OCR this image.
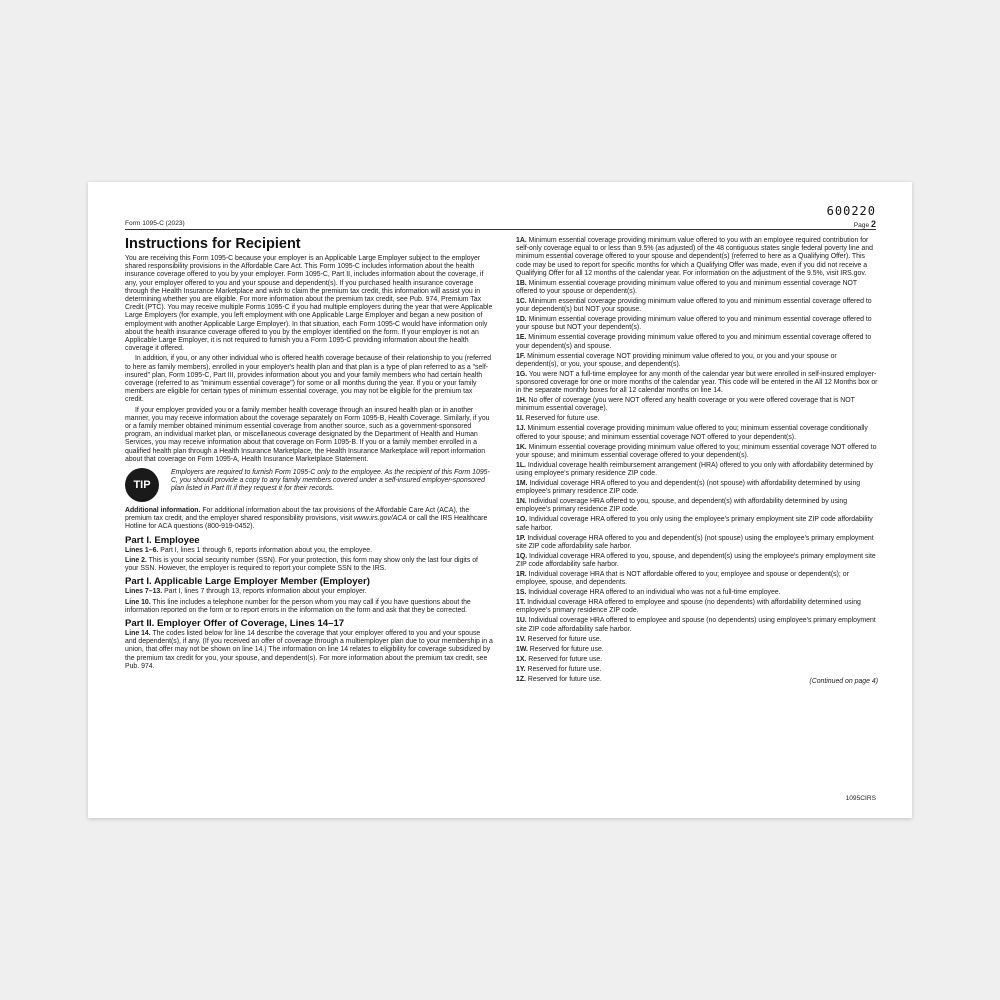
Form 1095-C (2023)
600220
Page 2
Instructions for Recipient

You are receiving this Form 1095-C because your employer is an Applicable Large Employer subject to the employer shared responsibility provisions in the Affordable Care Act. This Form 1095-C includes information about the health insurance coverage offered to you by your employer. Form 1095-C, Part II, includes information about the coverage, if any, your employer offered to you and your spouse and dependent(s). If you purchased health insurance coverage through the Health Insurance Marketplace and wish to claim the premium tax credit, this information will assist you in determining whether you are eligible. For more information about the premium tax credit, see Pub. 974, Premium Tax Credit (PTC). You may receive multiple Forms 1095-C if you had multiple employers during the year that were Applicable Large Employers (for example, you left employment with one Applicable Large Employer and began a new position of employment with another Applicable Large Employer). In that situation, each Form 1095-C would have information only about the health insurance coverage offered to you by the employer identified on the form. If your employer is not an Applicable Large Employer, it is not required to furnish you a Form 1095-C providing information about the health coverage it offered.

In addition, if you, or any other individual who is offered health coverage because of their relationship to you (referred to here as family members), enrolled in your employer's health plan and that plan is a type of plan referred to as a "self-insured" plan, Form 1095-C, Part III, provides information about you and your family members who had certain health coverage (referred to as "minimum essential coverage") for some or all months during the year. If you or your family members are eligible for certain types of minimum essential coverage, you may not be eligible for the premium tax credit.

If your employer provided you or a family member health coverage through an insured health plan or in another manner, you may receive information about the coverage separately on Form 1095-B, Health Coverage. Similarly, if you or a family member obtained minimum essential coverage from another source, such as a government-sponsored program, an individual market plan, or miscellaneous coverage designated by the Department of Health and Human Services, you may receive information about that coverage on Form 1095-B. If you or a family member enrolled in a qualified health plan through a Health Insurance Marketplace, the Health Insurance Marketplace will report information about that coverage on Form 1095-A, Health Insurance Marketplace Statement.

TIP
Employers are required to furnish Form 1095-C only to the employee. As the recipient of this Form 1095-C, you should provide a copy to any family members covered under a self-insured employer-sponsored plan listed in Part III if they request it for their records.

Additional information. For additional information about the tax provisions of the Affordable Care Act (ACA), the premium tax credit, and the employer shared responsibility provisions, visit www.irs.gov/ACA or call the IRS Healthcare Hotline for ACA questions (800-919-0452).

Part I. Employee

Lines 1–6. Part I, lines 1 through 6, reports information about you, the employee.

Line 2. This is your social security number (SSN). For your protection, this form may show only the last four digits of your SSN. However, the employer is required to report your complete SSN to the IRS.

Part I. Applicable Large Employer Member (Employer)

Lines 7–13. Part I, lines 7 through 13, reports information about your employer.

Line 10. This line includes a telephone number for the person whom you may call if you have questions about the information reported on the form or to report errors in the information on the form and ask that they be corrected.

Part II. Employer Offer of Coverage, Lines 14–17

Line 14. The codes listed below for line 14 describe the coverage that your employer offered to you and your spouse and dependent(s), if any. (If you received an offer of coverage through a multiemployer plan due to your membership in a union, that offer may not be shown on line 14.) The information on line 14 relates to eligibility for coverage subsidized by the premium tax credit for you, your spouse, and dependent(s). For more information about the premium tax credit, see Pub. 974.

1A. Minimum essential coverage providing minimum value offered to you with an employee required contribution for self-only coverage equal to or less than 9.5% (as adjusted) of the 48 contiguous states single federal poverty line and minimum essential coverage offered to your spouse and dependent(s) (referred to here as a Qualifying Offer). This code may be used to report for specific months for which a Qualifying Offer was made, even if you did not receive a Qualifying Offer for all 12 months of the calendar year. For information on the adjustment of the 9.5%, visit IRS.gov.

1B. Minimum essential coverage providing minimum value offered to you and minimum essential coverage NOT offered to your spouse or dependent(s).

1C. Minimum essential coverage providing minimum value offered to you and minimum essential coverage offered to your dependent(s) but NOT your spouse.

1D. Minimum essential coverage providing minimum value offered to you and minimum essential coverage offered to your spouse but NOT your dependent(s).

1E. Minimum essential coverage providing minimum value offered to you and minimum essential coverage offered to your dependent(s) and spouse.

1F. Minimum essential coverage NOT providing minimum value offered to you, or you and your spouse or dependent(s), or you, your spouse, and dependent(s).

1G. You were NOT a full-time employee for any month of the calendar year but were enrolled in self-insured employer-sponsored coverage for one or more months of the calendar year. This code will be entered in the All 12 Months box or in the separate monthly boxes for all 12 calendar months on line 14.

1H. No offer of coverage (you were NOT offered any health coverage or you were offered coverage that is NOT minimum essential coverage).

1I. Reserved for future use.

1J. Minimum essential coverage providing minimum value offered to you; minimum essential coverage conditionally offered to your spouse; and minimum essential coverage NOT offered to your dependent(s).

1K. Minimum essential coverage providing minimum value offered to you; minimum essential coverage NOT offered to your spouse; and minimum essential coverage offered to your dependent(s).

1L. Individual coverage health reimbursement arrangement (HRA) offered to you only with affordability determined by using employee's primary residence ZIP code.

1M. Individual coverage HRA offered to you and dependent(s) (not spouse) with affordability determined by using employee's primary residence ZIP code.

1N. Individual coverage HRA offered to you, spouse, and dependent(s) with affordability determined by using employee's primary residence ZIP code.

1O. Individual coverage HRA offered to you only using the employee's primary employment site ZIP code affordability safe harbor.

1P. Individual coverage HRA offered to you and dependent(s) (not spouse) using the employee's primary employment site ZIP code affordability safe harbor.

1Q. Individual coverage HRA offered to you, spouse, and dependent(s) using the employee's primary employment site ZIP code affordability safe harbor.

1R. Individual coverage HRA that is NOT affordable offered to you; employee and spouse or dependent(s); or employee, spouse, and dependents.

1S. Individual coverage HRA offered to an individual who was not a full-time employee.

1T. Individual coverage HRA offered to employee and spouse (no dependents) with affordability determined using employee's primary residence ZIP code.

1U. Individual coverage HRA offered to employee and spouse (no dependents) using employee's primary employment site ZIP code affordability safe harbor.

1V. Reserved for future use.

1W. Reserved for future use.

1X. Reserved for future use.

1Y. Reserved for future use.

1Z. Reserved for future use.	(Continued on page 4)
1095CIRS
